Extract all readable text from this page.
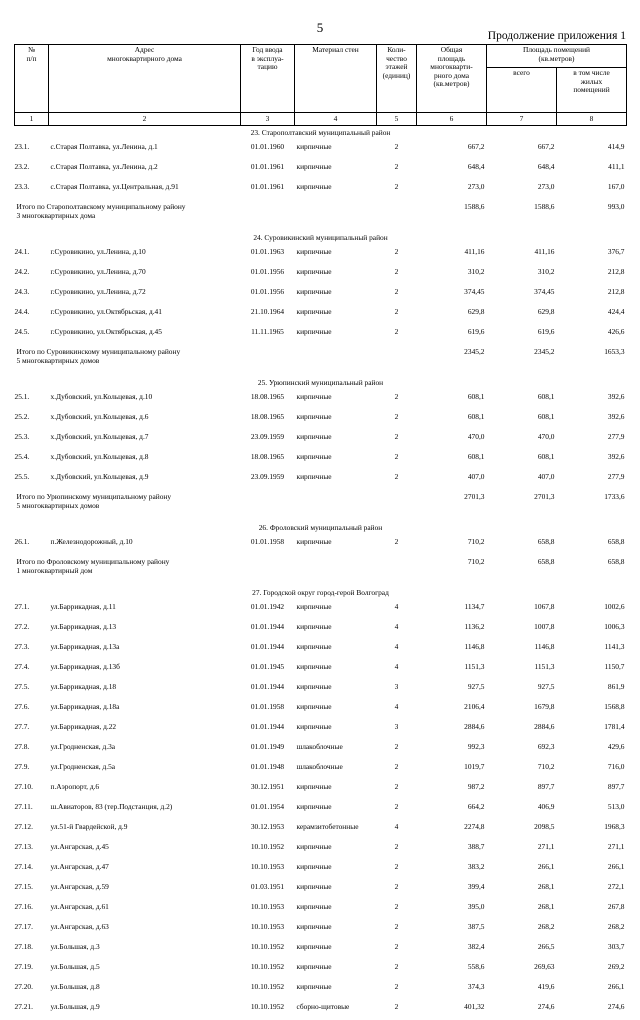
5
Продолжение приложения 1
№
п/п	Адрес
многоквартирного дома	Год ввода
в эксплуа-
тацию	Материал стен	Коли-
чество
этажей
(единиц)	Общая
площадь
многокварти-
рного дома
(кв.метров)	Площадь помещений
(кв.метров)	
						всего	в том числе
жилых
помещений
1	2	3	4	5	6	7	8
23. Старополтавский муниципальный район							
23.1.	с.Старая Полтавка, ул.Ленина, д.1	01.01.1960	кирпичные	2	667,2	667,2	414,9
23.2.	с.Старая Полтавка, ул.Ленина, д.2	01.01.1961	кирпичные	2	648,4	648,4	411,1
23.3.	с.Старая Полтавка, ул.Центральная, д.91	01.01.1961	кирпичные	2	273,0	273,0	167,0
Итого по Старополтавскому муниципальному району
3 многоквартирных дома					1588,6	1588,6	993,0
24. Суровикинский муниципальный район							
24.1.	г.Суровикино, ул.Ленина, д.10	01.01.1963	кирпичные	2	411,16	411,16	376,7
24.2.	г.Суровикино, ул.Ленина, д.70	01.01.1956	кирпичные	2	310,2	310,2	212,8
24.3.	г.Суровикино, ул.Ленина, д.72	01.01.1956	кирпичные	2	374,45	374,45	212,8
24.4.	г.Суровикино, ул.Октябрьская, д.41	21.10.1964	кирпичные	2	629,8	629,8	424,4
24.5.	г.Суровикино, ул.Октябрьская, д.45	11.11.1965	кирпичные	2	619,6	619,6	426,6
Итого по Суровикинскому муниципальному району
5 многоквартирных домов					2345,2	2345,2	1653,3
25. Урюпинский муниципальный район							
25.1.	х.Дубовский, ул.Кольцевая, д.10	18.08.1965	кирпичные	2	608,1	608,1	392,6
25.2.	х.Дубовский, ул.Кольцевая, д.6	18.08.1965	кирпичные	2	608,1	608,1	392,6
25.3.	х.Дубовский, ул.Кольцевая, д.7	23.09.1959	кирпичные	2	470,0	470,0	277,9
25.4.	х.Дубовский, ул.Кольцевая, д.8	18.08.1965	кирпичные	2	608,1	608,1	392,6
25.5.	х.Дубовский, ул.Кольцевая, д.9	23.09.1959	кирпичные	2	407,0	407,0	277,9
Итого по Урюпинскому муниципальному району
5 многоквартирных домов					2701,3	2701,3	1733,6
26. Фроловский муниципальный район							
26.1.	п.Железнодорожный, д.10	01.01.1958	кирпичные	2	710,2	658,8	658,8
Итого по Фроловскому муниципальному району
1 многоквартирный дом					710,2	658,8	658,8
27. Городской округ город-герой Волгоград							
27.1.	ул.Баррикадная, д.11	01.01.1942	кирпичные	4	1134,7	1067,8	1002,6
27.2.	ул.Баррикадная, д.13	01.01.1944	кирпичные	4	1136,2	1007,8	1006,3
27.3.	ул.Баррикадная, д.13а	01.01.1944	кирпичные	4	1146,8	1146,8	1141,3
27.4.	ул.Баррикадная, д.13б	01.01.1945	кирпичные	4	1151,3	1151,3	1150,7
27.5.	ул.Баррикадная, д.18	01.01.1944	кирпичные	3	927,5	927,5	861,9
27.6.	ул.Баррикадная, д.18а	01.01.1958	кирпичные	4	2106,4	1679,8	1568,8
27.7.	ул.Баррикадная, д.22	01.01.1944	кирпичные	3	2884,6	2884,6	1781,4
27.8.	ул.Гродненская, д.3а	01.01.1949	шлакоблочные	2	992,3	692,3	429,6
27.9.	ул.Гродненская, д.5а	01.01.1948	шлакоблочные	2	1019,7	710,2	716,0
27.10.	п.Аэропорт, д.6	30.12.1951	кирпичные	2	987,2	897,7	897,7
27.11.	ш.Авиаторов, 83 (тер.Подстанция, д.2)	01.01.1954	кирпичные	2	664,2	406,9	513,0
27.12.	ул.51-й Гвардейской, д.9	30.12.1953	керамзитобетонные	4	2274,8	2098,5	1968,3
27.13.	ул.Ангарская, д.45	10.10.1952	кирпичные	2	388,7	271,1	271,1
27.14.	ул.Ангарская, д.47	10.10.1953	кирпичные	2	383,2	266,1	266,1
27.15.	ул.Ангарская, д.59	01.03.1951	кирпичные	2	399,4	268,1	272,1
27.16.	ул.Ангарская, д.61	10.10.1953	кирпичные	2	395,0	268,1	267,8
27.17.	ул.Ангарская, д.63	10.10.1953	кирпичные	2	387,5	268,2	268,2
27.18.	ул.Большая, д.3	10.10.1952	кирпичные	2	382,4	266,5	303,7
27.19.	ул.Большая, д.5	10.10.1952	кирпичные	2	558,6	269,63	269,2
27.20.	ул.Большая, д.8	10.10.1952	кирпичные	2	374,3	419,6	266,1
27.21.	ул.Большая, д.9	10.10.1952	сборно-щитовые	2	401,32	274,6	274,6
